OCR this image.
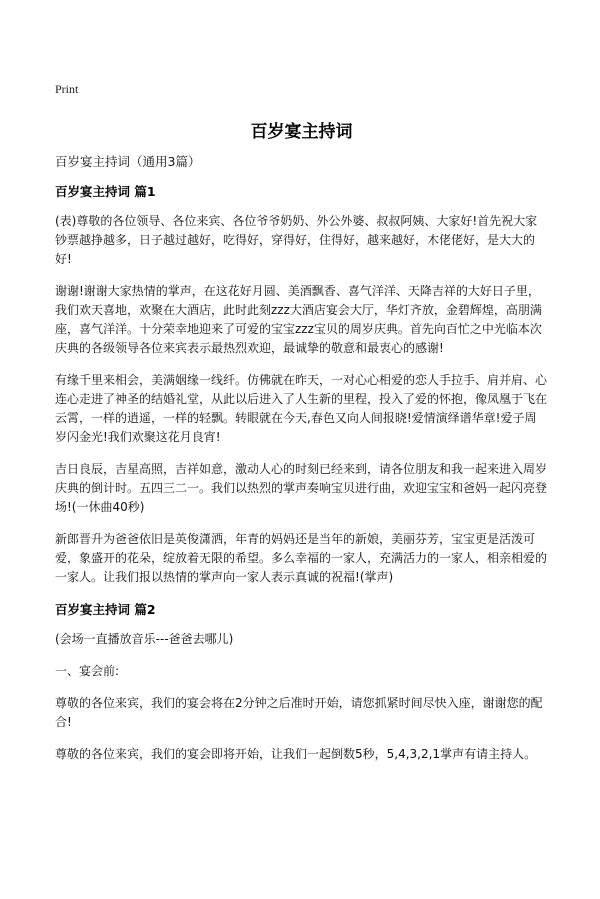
Print
百岁宴主持词
百岁宴主持词（通用3篇）
百岁宴主持词 篇1

(表)尊敬的各位领导、各位来宾、各位爷爷奶奶、外公外婆、叔叔阿姨、大家好!首先祝大家钞票越挣越多，日子越过越好，吃得好，穿得好，住得好，越来越好，木佬佬好，是大大的好!

谢谢!谢谢大家热情的掌声，在这花好月圆、美酒飘香、喜气洋洋、天降吉祥的大好日子里，我们欢天喜地，欢聚在大酒店，此时此刻zzz大酒店宴会大厅，华灯齐放，金碧辉煌，高朋满座，喜气洋洋。十分荣幸地迎来了可爱的宝宝zzz宝贝的周岁庆典。首先向百忙之中光临本次庆典的各级领导各位来宾表示最热烈欢迎，最诚挚的敬意和最衷心的感谢!

有缘千里来相会，美满姻缘一线纤。仿佛就在昨天，一对心心相爱的恋人手拉手、肩并肩、心连心走进了神圣的结婚礼堂，从此以后进入了人生新的里程，投入了爱的怀抱，像凤凰于飞在云霄，一样的逍遥，一样的轻飘。转眼就在今天,春色又向人间报晓!爱情演绎谱华章!爱子周岁闪金光!我们欢聚这花月良宵!

吉日良辰，吉星高照，吉祥如意，激动人心的时刻已经来到，请各位朋友和我一起来进入周岁庆典的倒计时。五四三二一。我们以热烈的掌声奏响宝贝进行曲，欢迎宝宝和爸妈一起闪亮登场!(一休曲40秒)

新郎晋升为爸爸依旧是英俊潇洒，年青的妈妈还是当年的新娘，美丽芬芳，宝宝更是活泼可爱，象盛开的花朵，绽放着无限的希望。多么幸福的一家人，充满活力的一家人，相亲相爱的一家人。让我们报以热情的掌声向一家人表示真诚的祝福!(掌声)

百岁宴主持词 篇2

(会场一直播放音乐---爸爸去哪儿)

一、宴会前:

尊敬的各位来宾，我们的宴会将在2分钟之后准时开始，请您抓紧时间尽快入座，谢谢您的配合!

尊敬的各位来宾，我们的宴会即将开始，让我们一起倒数5秒，5,4,3,2,1掌声有请主持人。
